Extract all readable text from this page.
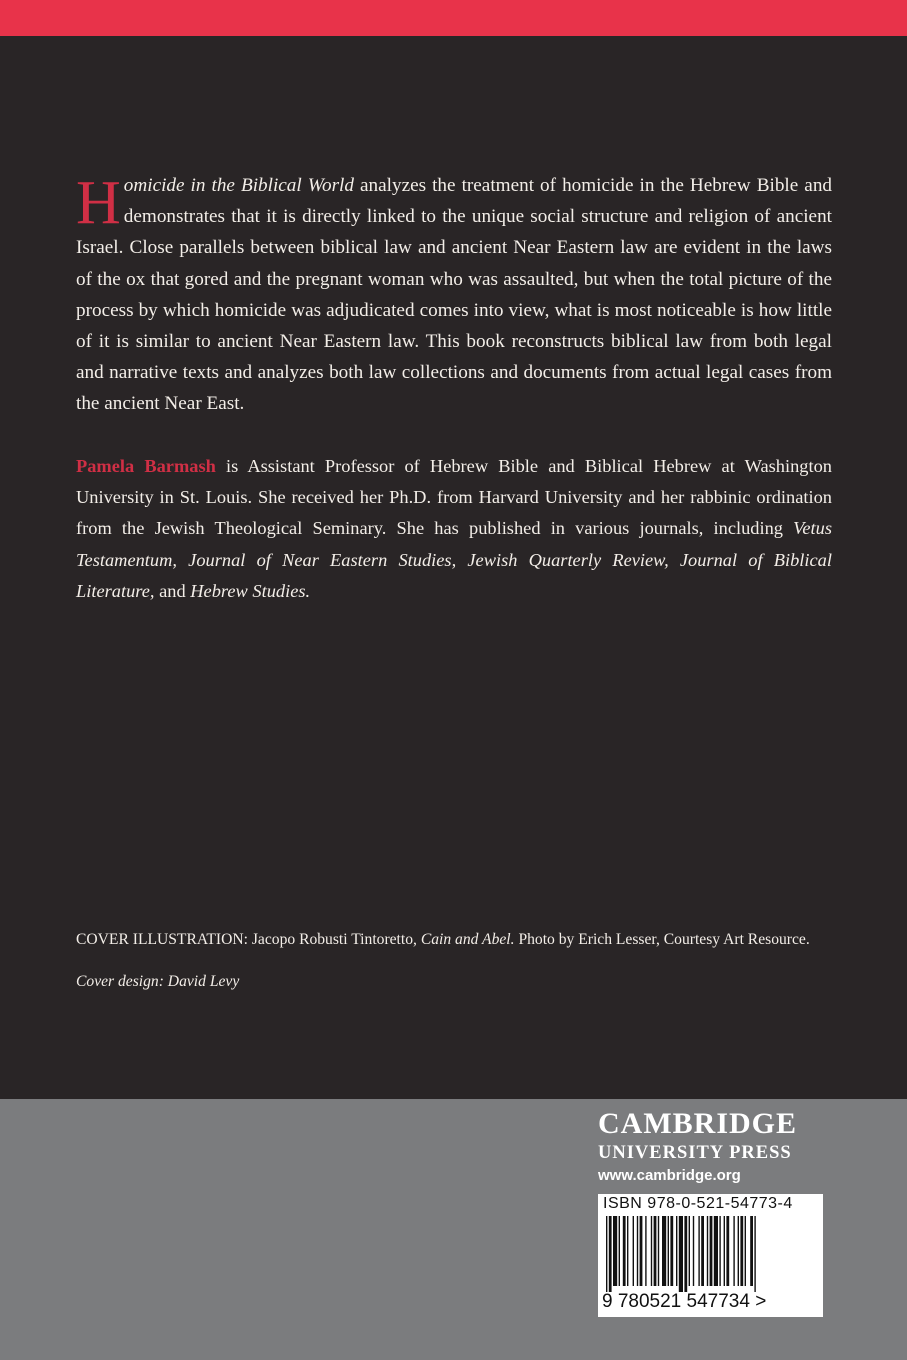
Homicide in the Biblical World analyzes the treatment of homicide in the Hebrew Bible and demonstrates that it is directly linked to the unique social structure and religion of ancient Israel. Close parallels between biblical law and ancient Near Eastern law are evident in the laws of the ox that gored and the pregnant woman who was assaulted, but when the total picture of the process by which homicide was adjudicated comes into view, what is most noticeable is how little of it is similar to ancient Near Eastern law. This book reconstructs biblical law from both legal and narrative texts and analyzes both law collections and documents from actual legal cases from the ancient Near East.
Pamela Barmash is Assistant Professor of Hebrew Bible and Biblical Hebrew at Washington University in St. Louis. She received her Ph.D. from Harvard University and her rabbinic ordination from the Jewish Theological Seminary. She has published in various journals, including Vetus Testamentum, Journal of Near Eastern Studies, Jewish Quarterly Review, Journal of Biblical Literature, and Hebrew Studies.
COVER ILLUSTRATION: Jacopo Robusti Tintoretto, Cain and Abel. Photo by Erich Lesser, Courtesy Art Resource.
Cover design: David Levy
CAMBRIDGE
UNIVERSITY PRESS
www.cambridge.org
ISBN 978-0-521-54773-4
9 780521 547734 >
